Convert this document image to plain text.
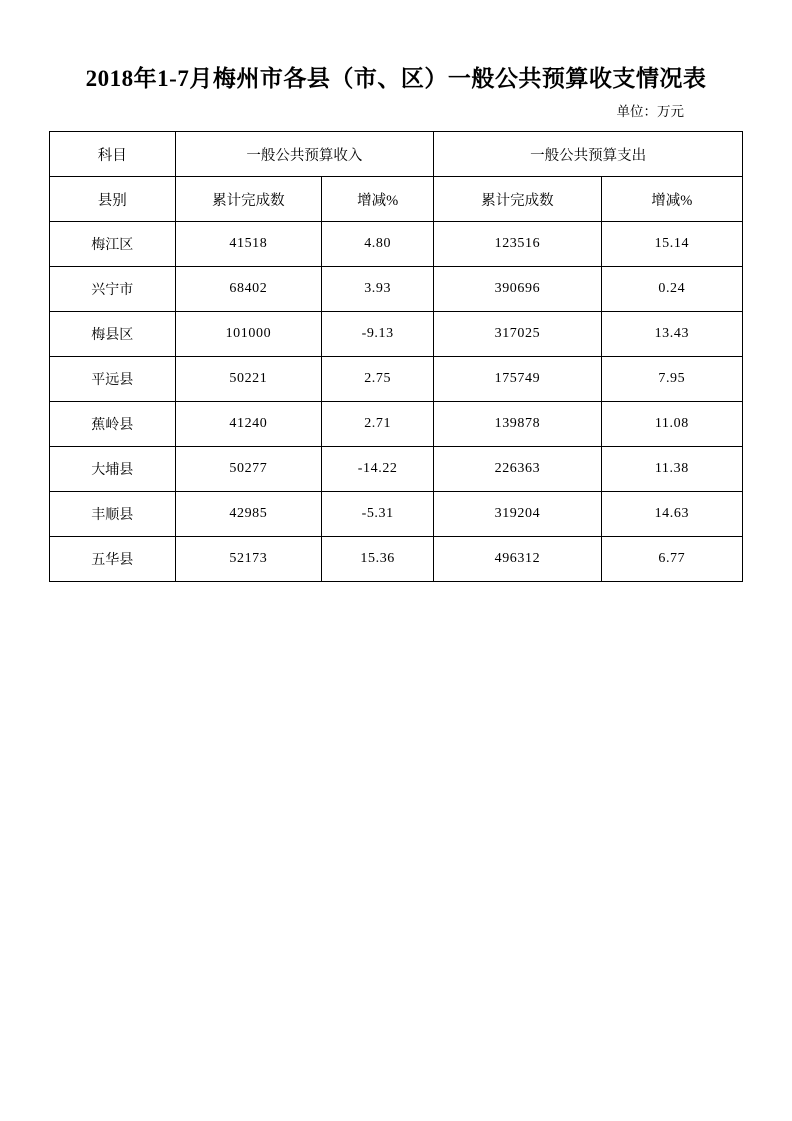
2018年1-7月梅州市各县（市、区）一般公共预算收支情况表
单位：万元
科目	一般公共预算收入		一般公共预算支出	
县别	累计完成数	增减%	累计完成数	增减%
梅江区	41518	4.80	123516	15.14
兴宁市	68402	3.93	390696	0.24
梅县区	101000	-9.13	317025	13.43
平远县	50221	2.75	175749	7.95
蕉岭县	41240	2.71	139878	11.08
大埔县	50277	-14.22	226363	11.38
丰顺县	42985	-5.31	319204	14.63
五华县	52173	15.36	496312	6.77
